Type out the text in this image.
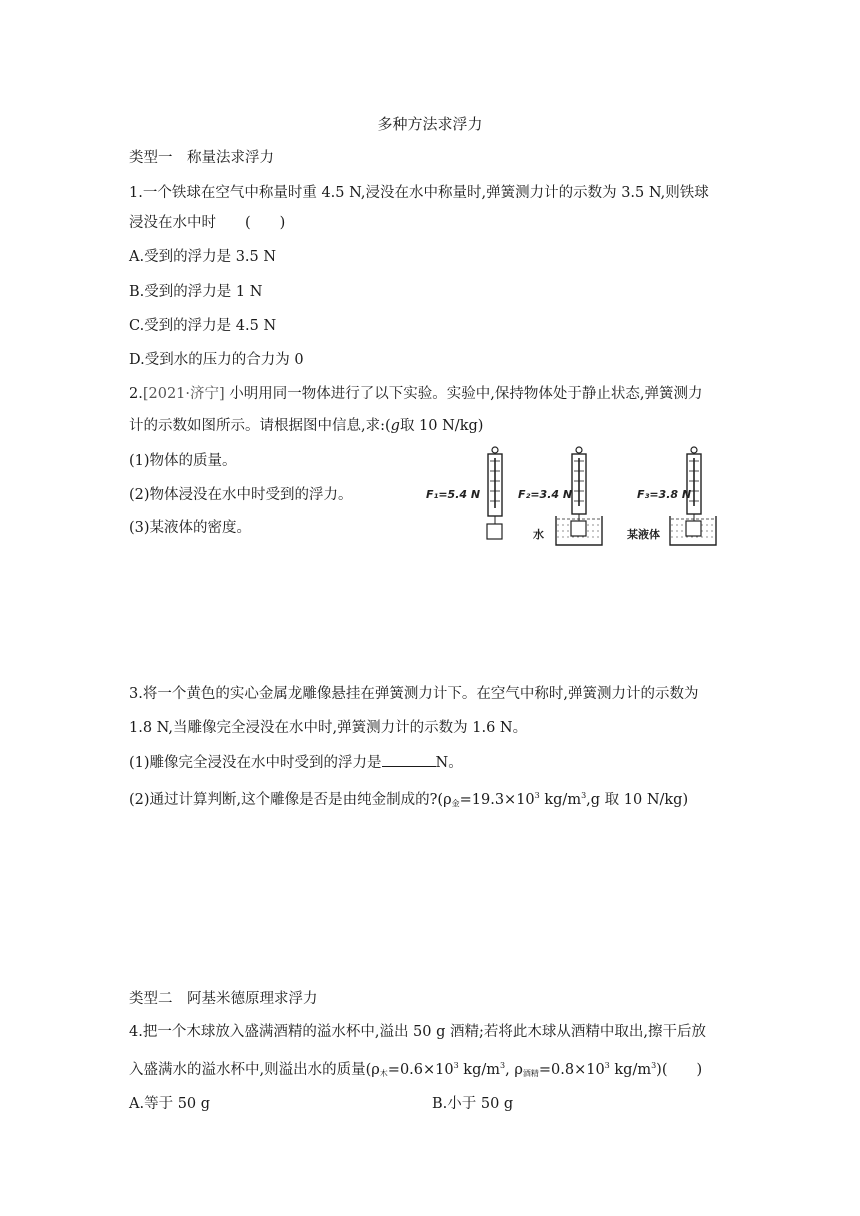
多种方法求浮力
类型一　称量法求浮力
1.一个铁球在空气中称量时重 4.5 N,浸没在水中称量时,弹簧测力计的示数为 3.5 N,则铁球
浸没在水中时　　(　　)
A.受到的浮力是 3.5 N
B.受到的浮力是 1 N
C.受到的浮力是 4.5 N
D.受到水的压力的合力为 0
2.[2021·济宁] 小明用同一物体进行了以下实验。实验中,保持物体处于静止状态,弹簧测力
计的示数如图所示。请根据图中信息,求:(g取 10 N/kg)
(1)物体的质量。
(2)物体浸没在水中时受到的浮力。
(3)某液体的密度。
F₁=5.4 N	F₂=3.4 N
水
F₃=3.8 N
某液体
3.将一个黄色的实心金属龙雕像悬挂在弹簧测力计下。在空气中称时,弹簧测力计的示数为
1.8 N,当雕像完全浸没在水中时,弹簧测力计的示数为 1.6 N。
(1)雕像完全浸没在水中时受到的浮力是	N。
(2)通过计算判断,这个雕像是否是由纯金制成的$?(\rho_金=19.3\times 10^3$ $kg/m^3,g$ 取 10 N/kg)
类型二　阿基米德原理求浮力
4.把一个木球放入盛满酒精的溢水杯中,溢出 50 g 酒精;若将此木球从酒精中取出,擦干后放
入盛满水的溢水杯中,则溢出水的质量($\rho_木=0.6\times 10^3$ $kg/m^3$, $\rho_{酒精}=0.8\times 10^3$ $kg/m^3$)(　　)
A.等于 50 g	B.小于 50 g
